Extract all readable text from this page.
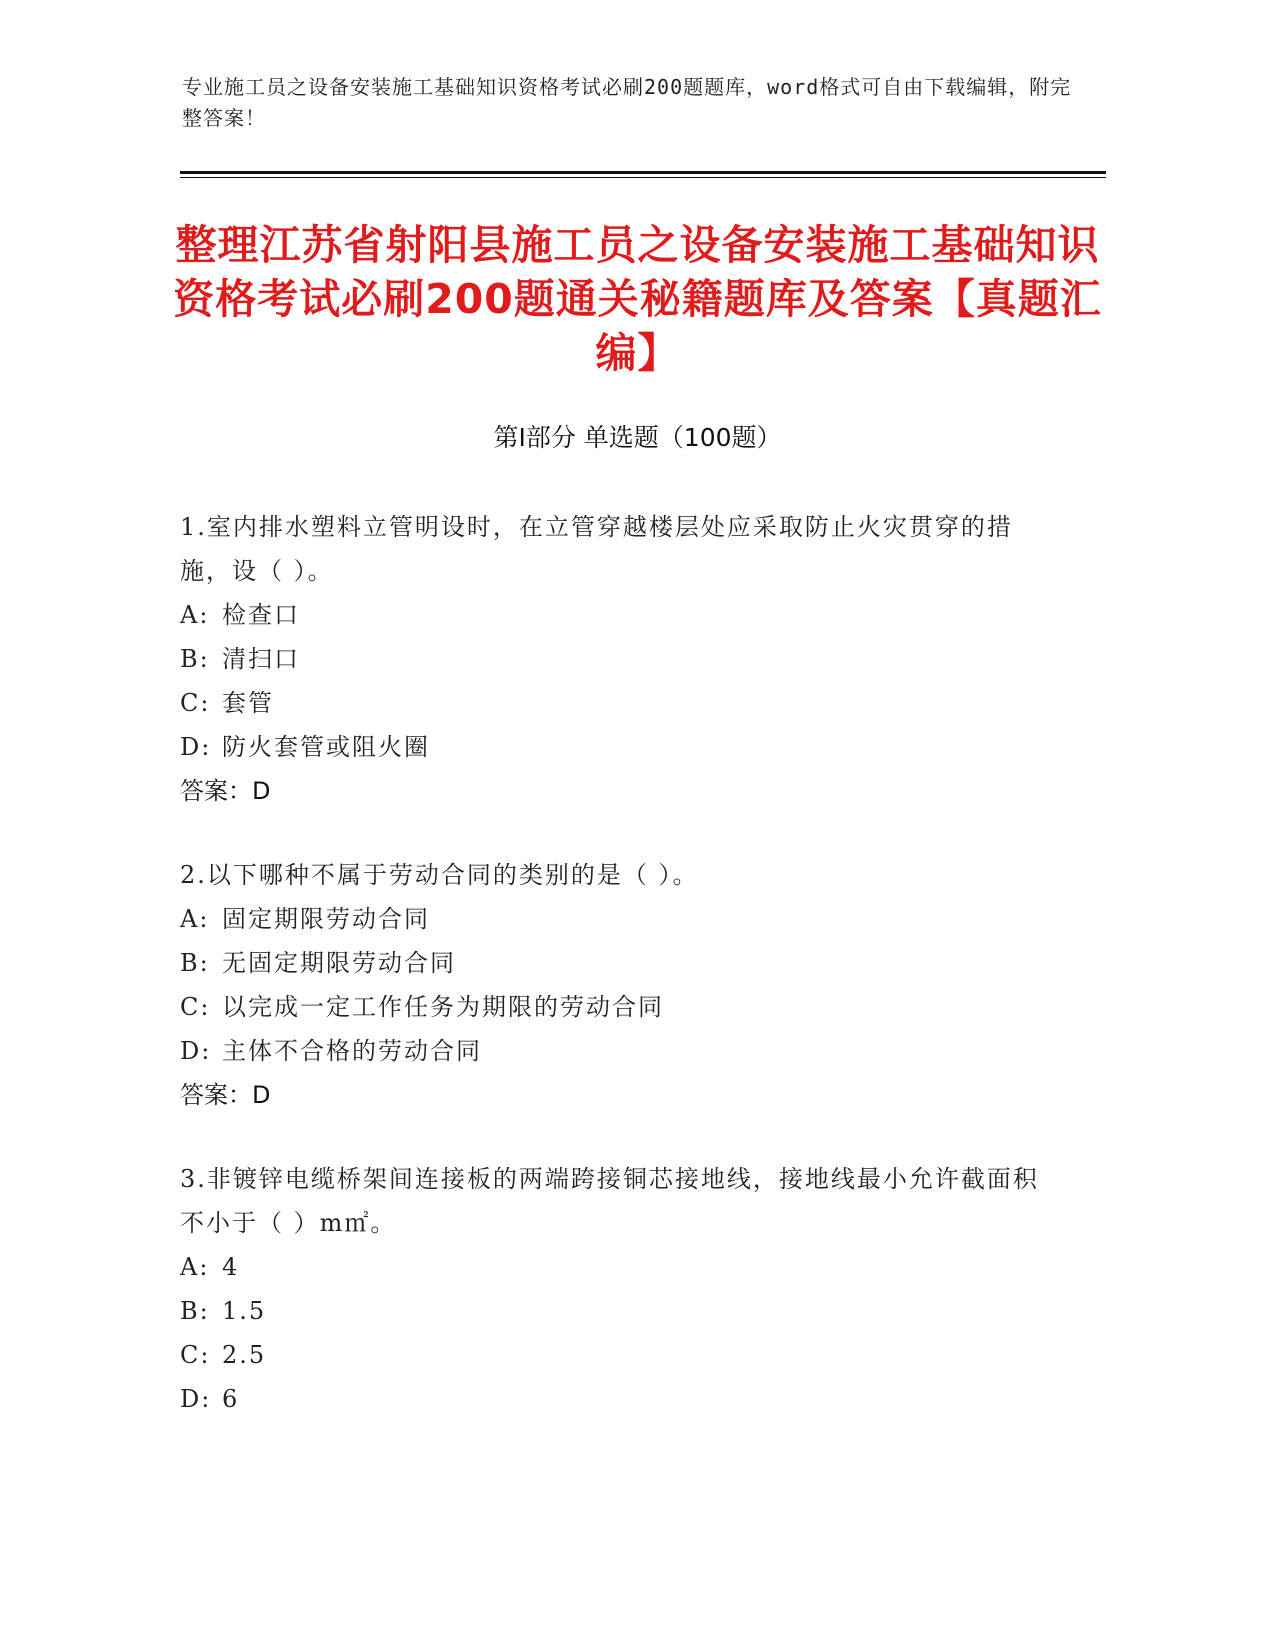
专业施工员之设备安装施工基础知识资格考试必刷200题题库，word格式可自由下载编辑，附完整答案！
整理江苏省射阳县施工员之设备安装施工基础知识资格考试必刷200题通关秘籍题库及答案【真题汇编】
第I部分 单选题（100题）
1.室内排水塑料立管明设时，在立管穿越楼层处应采取防止火灾贯穿的措施，设（ ）。
A: 检查口
B: 清扫口
C: 套管
D: 防火套管或阻火圈
答案：D
2.以下哪种不属于劳动合同的类别的是（ ）。
A: 固定期限劳动合同
B: 无固定期限劳动合同
C: 以完成一定工作任务为期限的劳动合同
D: 主体不合格的劳动合同
答案：D
3.非镀锌电缆桥架间连接板的两端跨接铜芯接地线，接地线最小允许截面积不小于（ ）m㎡。
A: 4
B: 1.5
C: 2.5
D: 6
